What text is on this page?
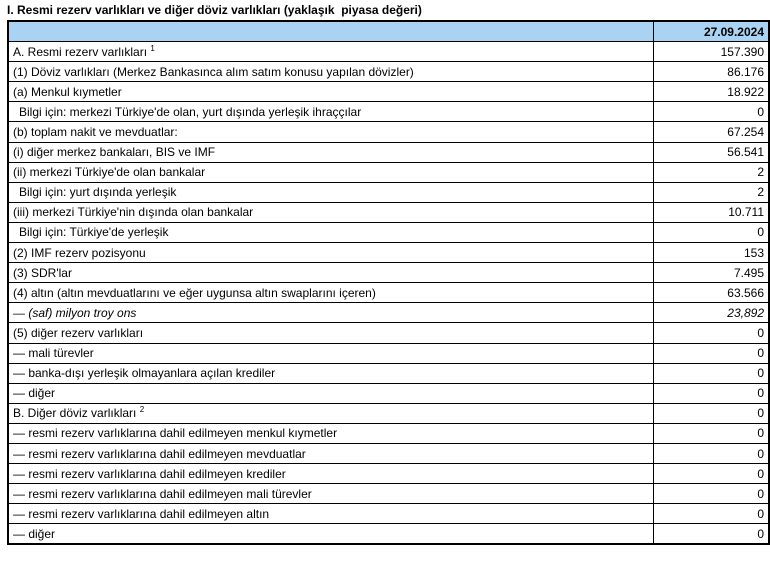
I. Resmi rezerv varlıkları ve diğer döviz varlıkları (yaklaşık  piyasa değeri)
	27.09.2024
A. Resmi rezerv varlıkları $^1$	157.390
(1) Döviz varlıkları (Merkez Bankasınca alım satım konusu yapılan dövizler)	86.176
(a) Menkul kıymetler	18.922
Bilgi için: merkezi Türkiye'de olan, yurt dışında yerleşik ihraççılar	0
(b) toplam nakit ve mevduatlar:	67.254
(i) diğer merkez bankaları, BIS ve IMF	56.541
(ii) merkezi Türkiye'de olan bankalar	2
Bilgi için: yurt dışında yerleşik	2
(iii) merkezi Türkiye'nin dışında olan bankalar	10.711
Bilgi için: Türkiye'de yerleşik	0
(2) IMF rezerv pozisyonu	153
(3) SDR'lar	7.495
(4) altın (altın mevduatlarını ve eğer uygunsa altın swaplarını içeren)	63.566
— (saf) milyon troy ons	23,892
(5) diğer rezerv varlıkları	0
— mali türevler	0
— banka-dışı yerleşik olmayanlara açılan krediler	0
— diğer	0
B. Diğer döviz varlıkları $^2$	0
— resmi rezerv varlıklarına dahil edilmeyen menkul kıymetler	0
— resmi rezerv varlıklarına dahil edilmeyen mevduatlar	0
— resmi rezerv varlıklarına dahil edilmeyen krediler	0
— resmi rezerv varlıklarına dahil edilmeyen mali türevler	0
— resmi rezerv varlıklarına dahil edilmeyen altın	0
— diğer	0
